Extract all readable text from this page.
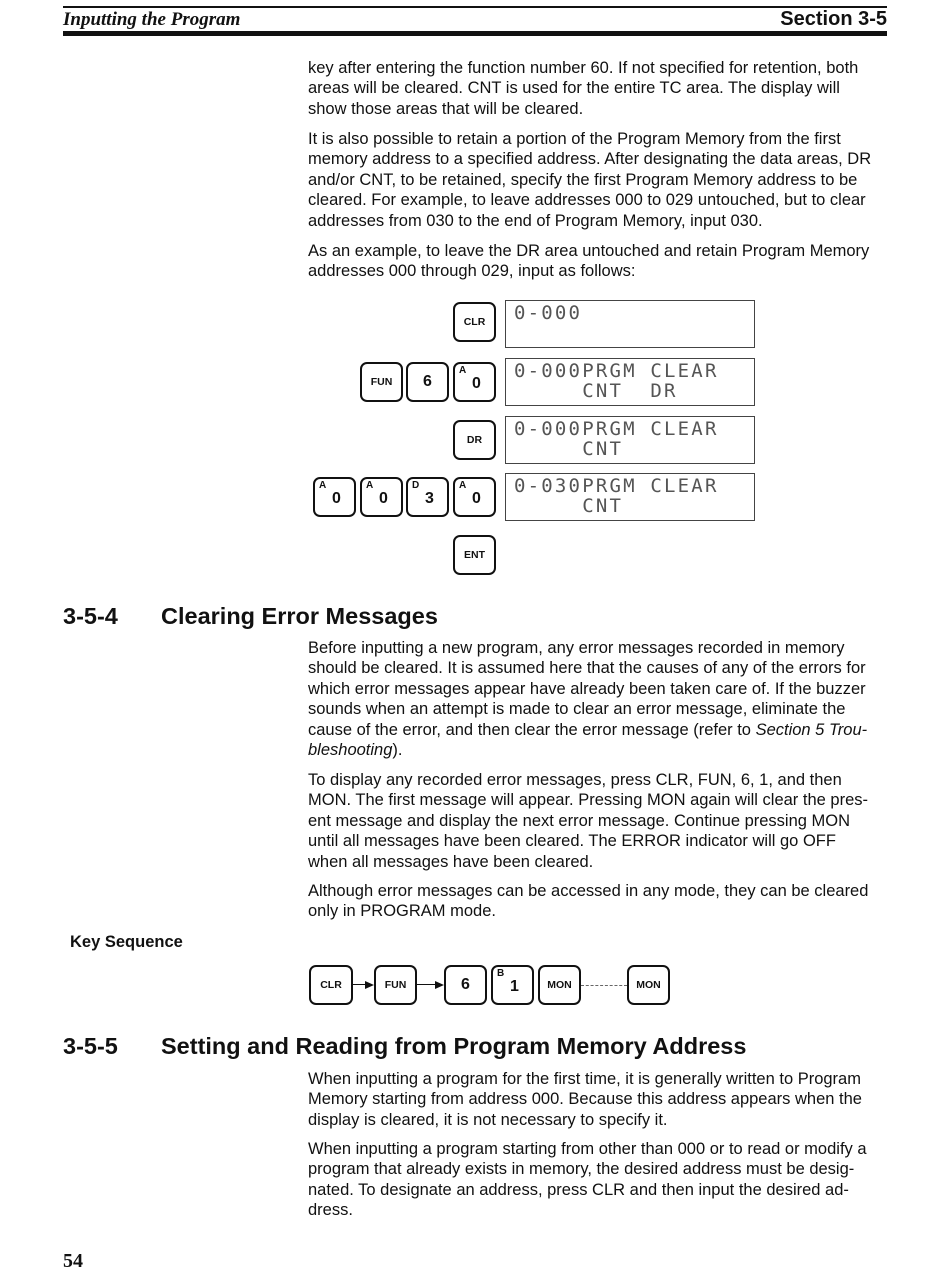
Inputting the Program	Section 3-5

key after entering the function number 60. If not specified for retention, both
areas will be cleared. CNT is used for the entire TC area. The display will
show those areas that will be cleared.

It is also possible to retain a portion of the Program Memory from the first
memory address to a specified address. After designating the data areas, DR
and/or CNT, to be retained, specify the first Program Memory address to be
cleared. For example, to leave addresses 000 to 029 untouched, but to clear
addresses from 030 to the end of Program Memory, input 030.

As an example, to leave the DR area untouched and retain Program Memory
addresses 000 through 029, input as follows:

CLR
FUN 6
A
0
DR
A
0
A
0
D
3
A
0
ENT
0-000
0-000PRGM CLEAR
CNT  DR
0-000PRGM CLEAR
CNT
0-030PRGM CLEAR
CNT
3-5-4 Clearing Error Messages

Before inputting a new program, any error messages recorded in memory
should be cleared. It is assumed here that the causes of any of the errors for
which error messages appear have already been taken care of. If the buzzer
sounds when an attempt is made to clear an error message, eliminate the
cause of the error, and then clear the error message (refer to Section 5 Trou-
bleshooting).

To display any recorded error messages, press CLR, FUN, 6, 1, and then
MON. The first message will appear. Pressing MON again will clear the pres-
ent message and display the next error message. Continue pressing MON
until all messages have been cleared. The ERROR indicator will go OFF
when all messages have been cleared.

Although error messages can be accessed in any mode, they can be cleared
only in PROGRAM mode.

Key Sequence
CLR	FUN	6
B
1	MON	MON
3-5-5 Setting and Reading from Program Memory Address

When inputting a program for the first time, it is generally written to Program
Memory starting from address 000. Because this address appears when the
display is cleared, it is not necessary to specify it.

When inputting a program starting from other than 000 or to read or modify a
program that already exists in memory, the desired address must be desig-
nated. To designate an address, press CLR and then input the desired ad-
dress.

54
